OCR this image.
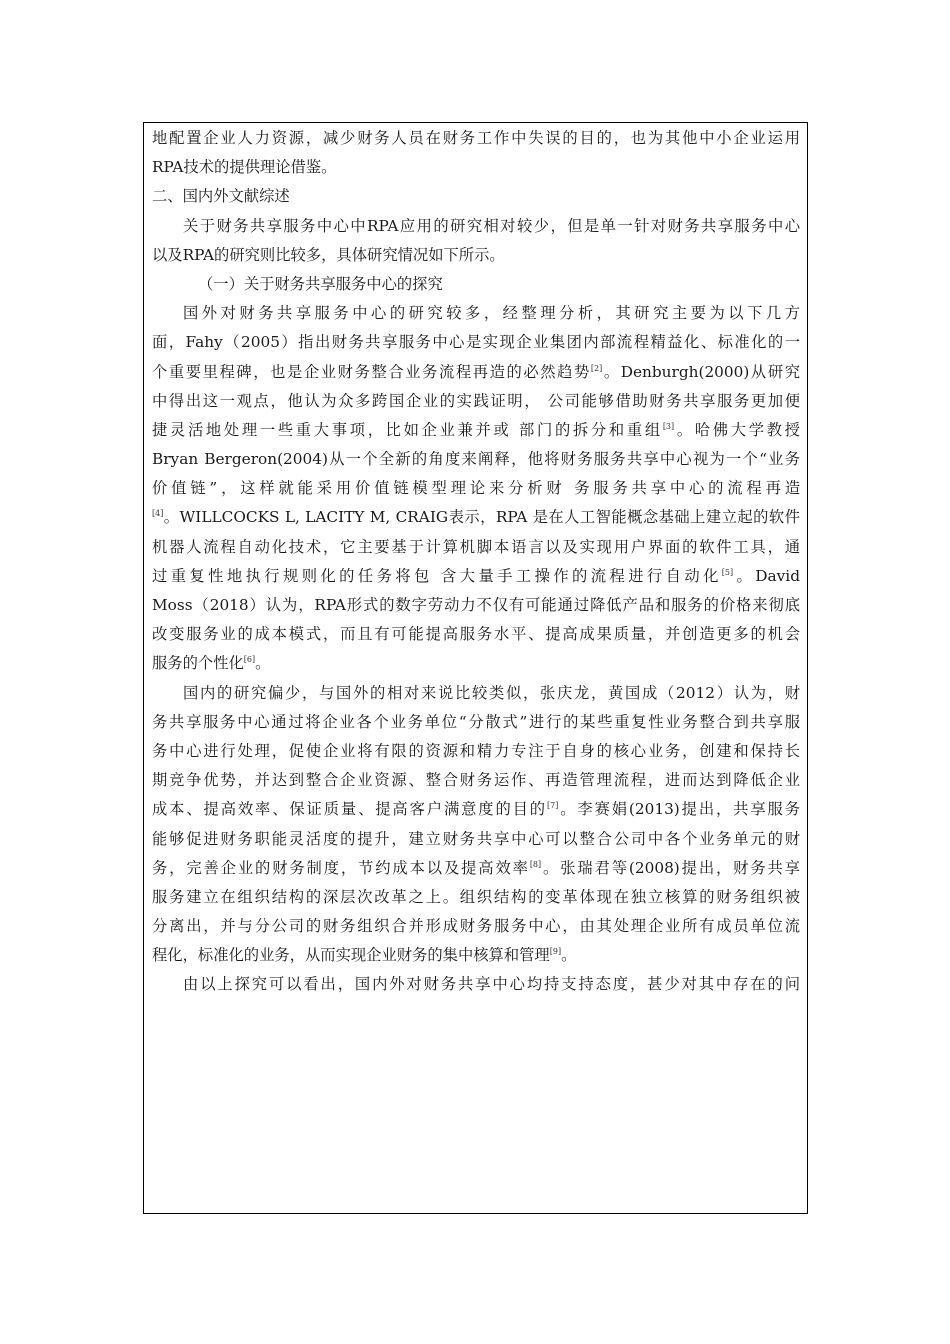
地配置企业人力资源，减少财务人员在财务工作中失误的目的，也为其他中小企业运用
RPA技术的提供理论借鉴。
二、国内外文献综述
关于财务共享服务中心中RPA应用的研究相对较少，但是单一针对财务共享服务中心
以及RPA的研究则比较多，具体研究情况如下所示。
（一）关于财务共享服务中心的探究
国外对财务共享服务中心的研究较多，经整理分析，其研究主要为以下几方
面，Fahy（2005）指出财务共享服务中心是实现企业集团内部流程精益化、标准化的一
个重要里程碑，也是企业财务整合业务流程再造的必然趋势[2]。Denburgh(2000)从研究
中得出这一观点，他认为众多跨国企业的实践证明， 公司能够借助财务共享服务更加便
捷灵活地处理一些重大事项，比如企业兼并或 部门的拆分和重组[3]。哈佛大学教授
Bryan Bergeron(2004)从一个全新的角度来阐释，他将财务服务共享中心视为一个“业务
价值链”，这样就能采用价值链模型理论来分析财 务服务共享中心的流程再造
[4]。WILLCOCKS L, LACITY M, CRAIG表示，RPA 是在人工智能概念基础上建立起的软件
机器人流程自动化技术，它主要基于计算机脚本语言以及实现用户界面的软件工具，通
过重复性地执行规则化的任务将包 含大量手工操作的流程进行自动化[5]。David
Moss（2018）认为，RPA形式的数字劳动力不仅有可能通过降低产品和服务的价格来彻底
改变服务业的成本模式，而且有可能提高服务水平、提高成果质量，并创造更多的机会
服务的个性化[6]。
国内的研究偏少，与国外的相对来说比较类似，张庆龙，黄国成（2012）认为，财
务共享服务中心通过将企业各个业务单位“分散式”进行的某些重复性业务整合到共享服
务中心进行处理，促使企业将有限的资源和精力专注于自身的核心业务，创建和保持长
期竞争优势，并达到整合企业资源、整合财务运作、再造管理流程，进而达到降低企业
成本、提高效率、保证质量、提高客户满意度的目的[7]。李赛娟(2013)提出，共享服务
能够促进财务职能灵活度的提升，建立财务共享中心可以整合公司中各个业务单元的财
务，完善企业的财务制度，节约成本以及提高效率[8]。张瑞君等(2008)提出，财务共享
服务建立在组织结构的深层次改革之上。组织结构的变革体现在独立核算的财务组织被
分离出，并与分公司的财务组织合并形成财务服务中心，由其处理企业所有成员单位流
程化，标准化的业务，从而实现企业财务的集中核算和管理[9]。
由以上探究可以看出，国内外对财务共享中心均持支持态度，甚少对其中存在的问
